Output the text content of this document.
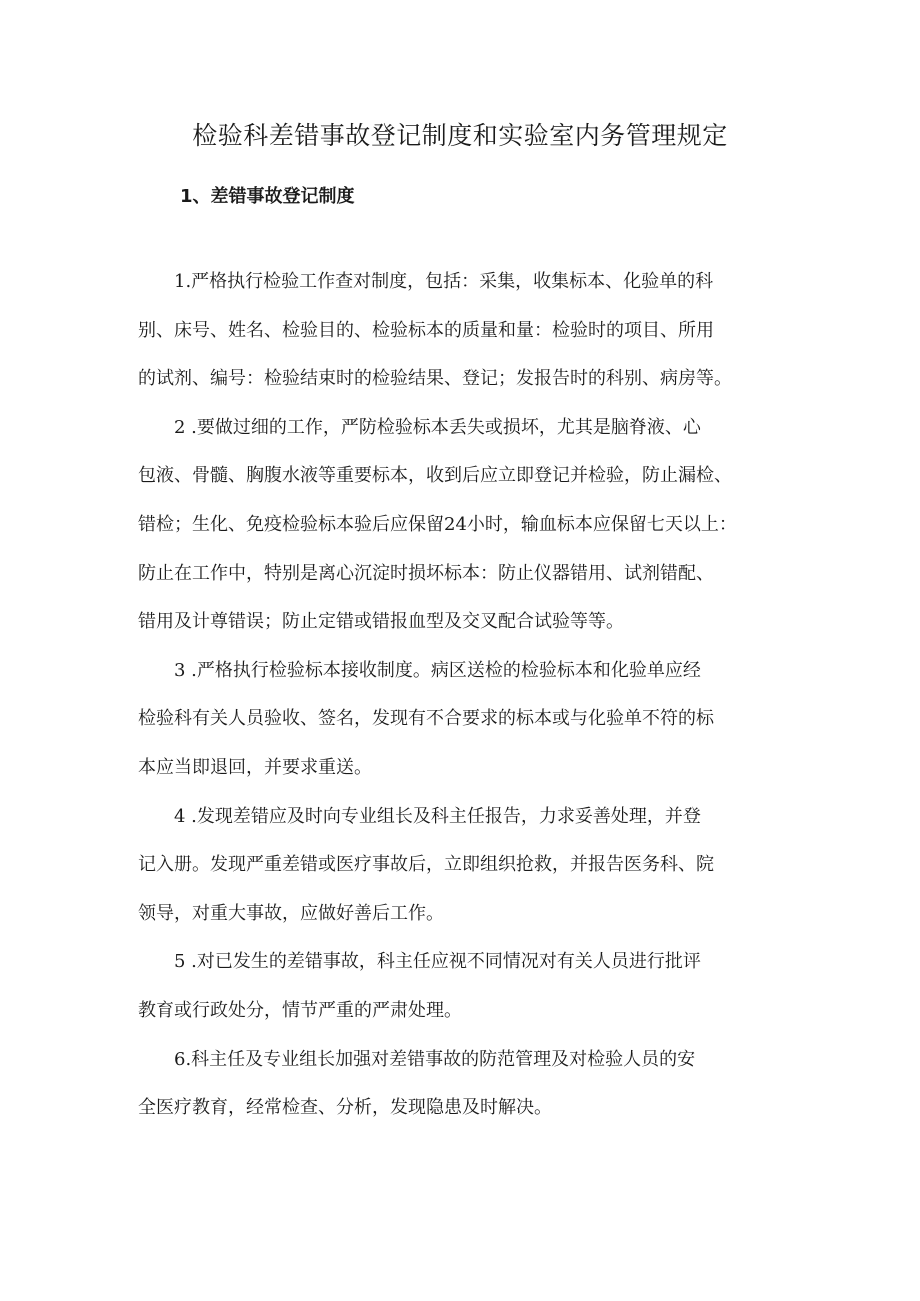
检验科差错事故登记制度和实验室内务管理规定
1、差错事故登记制度

1.严格执行检验工作查对制度，包括：采集，收集标本、化验单的科
别、床号、姓名、检验目的、检验标本的质量和量：检验时的项目、所用
的试剂、编号：检验结束时的检验结果、登记；发报告时的科别、病房等。

2 .要做过细的工作，严防检验标本丢失或损坏，尤其是脑脊液、心
包液、骨髓、胸腹水液等重要标本，收到后应立即登记并检验，防止漏检、
错检；生化、免疫检验标本验后应保留24小时，输血标本应保留七天以上：
防止在工作中，特别是离心沉淀时损坏标本：防止仪器错用、试剂错配、
错用及计尊错误；防止定错或错报血型及交叉配合试验等等。

3 .严格执行检验标本接收制度。病区送检的检验标本和化验单应经
检验科有关人员验收、签名，发现有不合要求的标本或与化验单不符的标
本应当即退回，并要求重送。

4 .发现差错应及时向专业组长及科主任报告，力求妥善处理，并登
记入册。发现严重差错或医疗事故后，立即组织抢救，并报告医务科、院
领导，对重大事故，应做好善后工作。

5 .对已发生的差错事故，科主任应视不同情况对有关人员进行批评
教育或行政处分，情节严重的严肃处理。

6.科主任及专业组长加强对差错事故的防范管理及对检验人员的安
全医疗教育，经常检查、分析，发现隐患及时解决。
